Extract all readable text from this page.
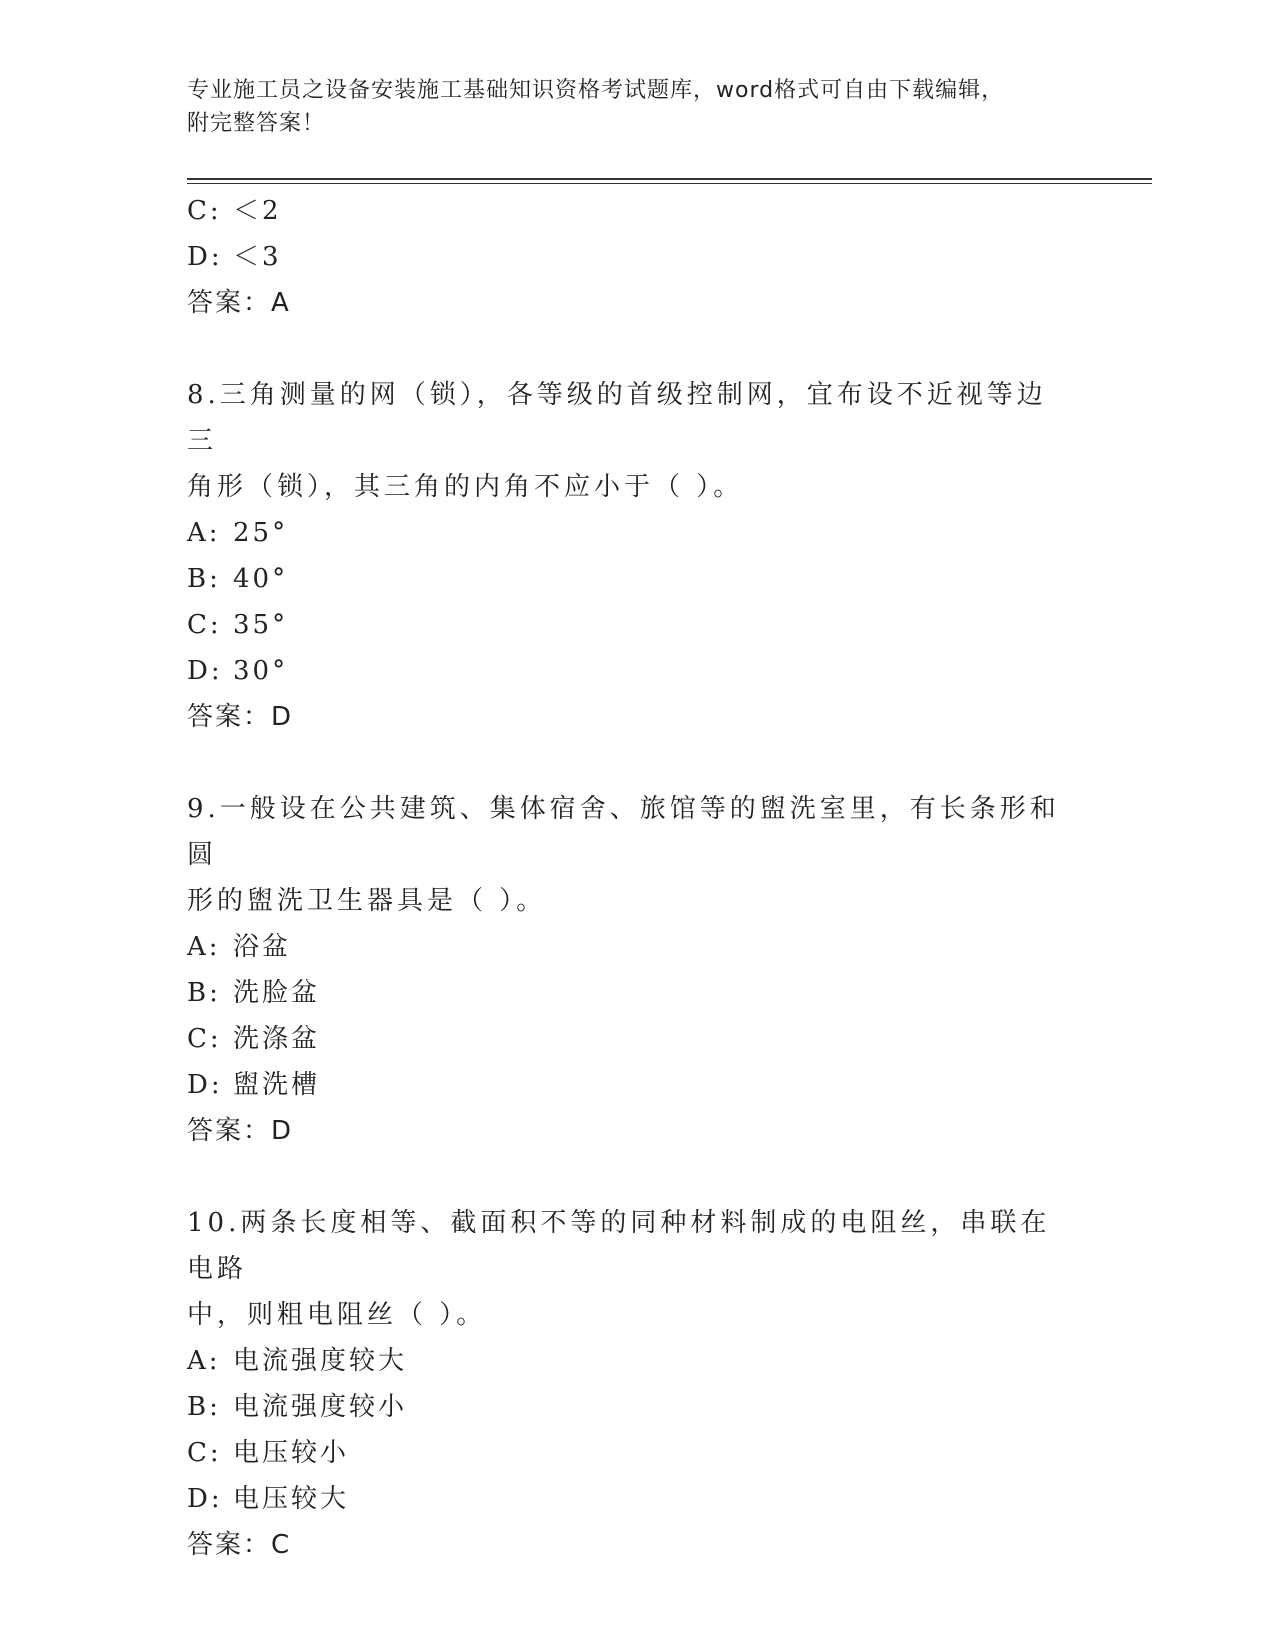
专业施工员之设备安装施工基础知识资格考试题库，word格式可自由下载编辑，
附完整答案！
C: ＜2
D: ＜3
答案：A
8.三角测量的网（锁），各等级的首级控制网，宜布设不近视等边三
角形（锁），其三角的内角不应小于（ ）。
A: 25°
B: 40°
C: 35°
D: 30°
答案：D
9.一般设在公共建筑、集体宿舍、旅馆等的盥洗室里，有长条形和圆
形的盥洗卫生器具是（ ）。
A: 浴盆
B: 洗脸盆
C: 洗涤盆
D: 盥洗槽
答案：D
10.两条长度相等、截面积不等的同种材料制成的电阻丝，串联在电路
中，则粗电阻丝（ ）。
A: 电流强度较大
B: 电流强度较小
C: 电压较小
D: 电压较大
答案：C
